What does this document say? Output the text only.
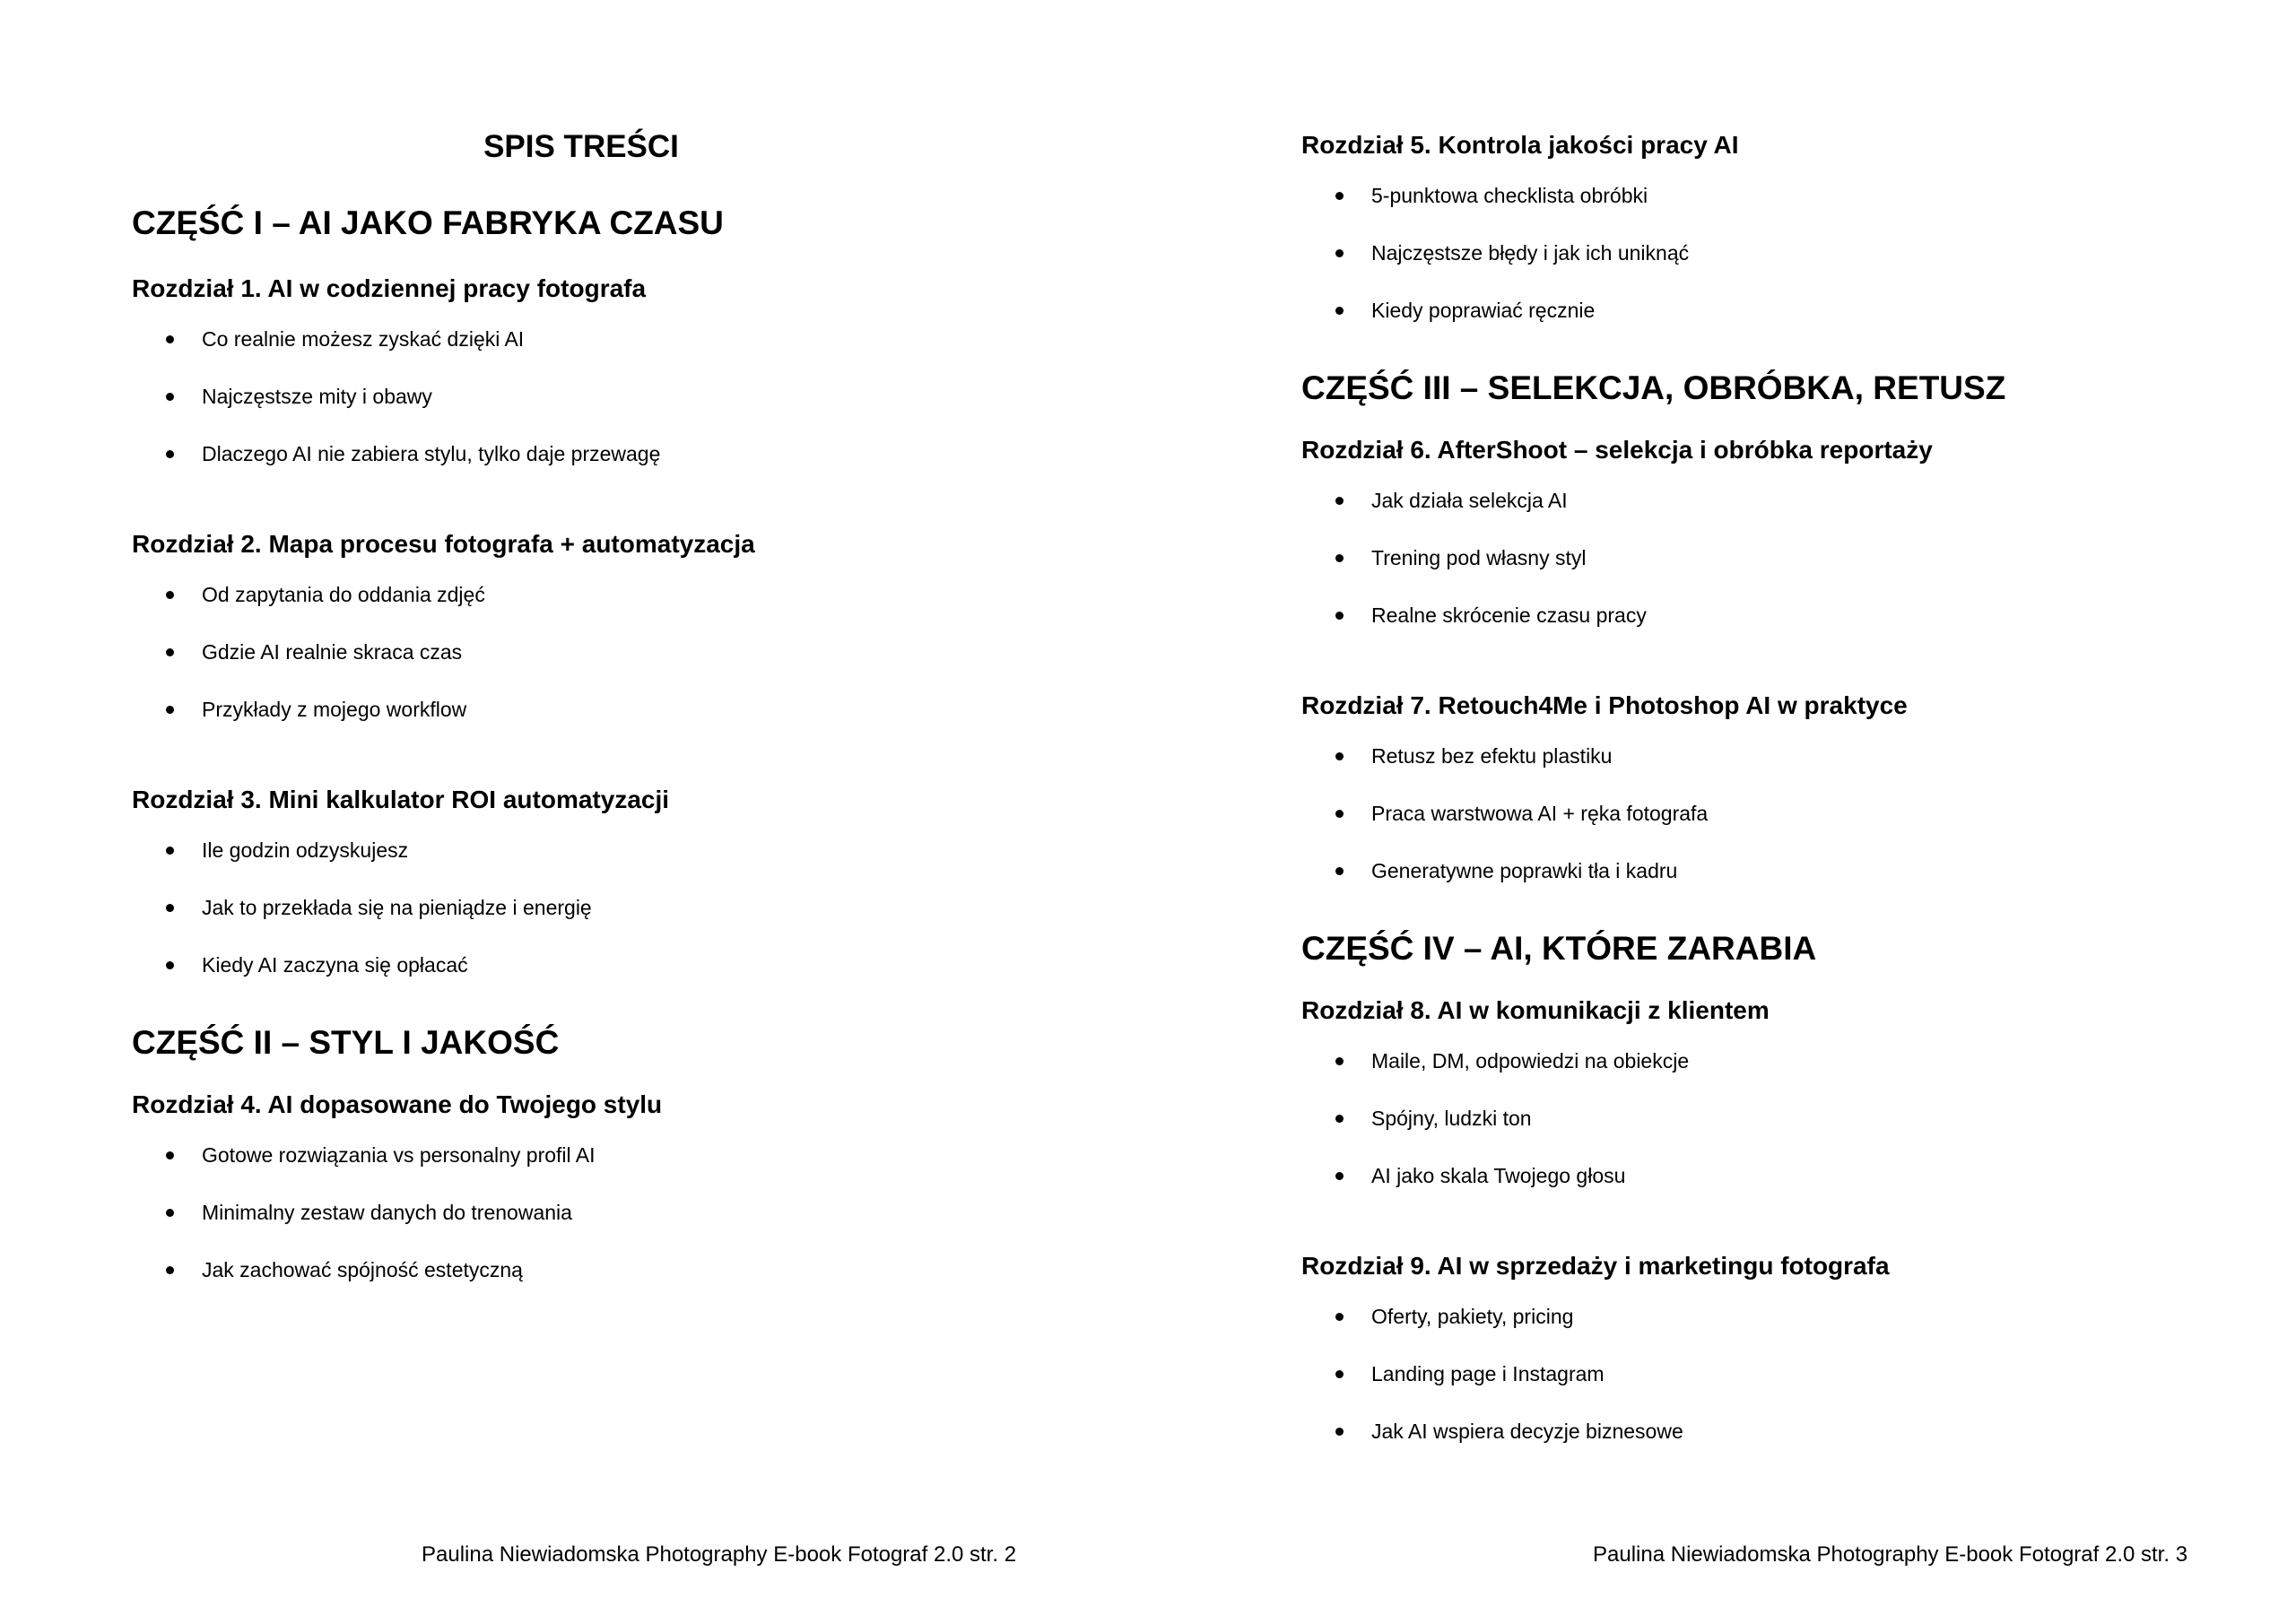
SPIS TREŚCI
CZĘŚĆ I – AI JAKO FABRYKA CZASU
Rozdział 1. AI w codziennej pracy fotografa
Co realnie możesz zyskać dzięki AI
Najczęstsze mity i obawy
Dlaczego AI nie zabiera stylu, tylko daje przewagę
Rozdział 2. Mapa procesu fotografa + automatyzacja
Od zapytania do oddania zdjęć
Gdzie AI realnie skraca czas
Przykłady z mojego workflow
Rozdział 3. Mini kalkulator ROI automatyzacji
Ile godzin odzyskujesz
Jak to przekłada się na pieniądze i energię
Kiedy AI zaczyna się opłacać
CZĘŚĆ II – STYL I JAKOŚĆ
Rozdział 4. AI dopasowane do Twojego stylu
Gotowe rozwiązania vs personalny profil AI
Minimalny zestaw danych do trenowania
Jak zachować spójność estetyczną
Paulina Niewiadomska Photography E-book Fotograf 2.0 str. 2
Rozdział 5. Kontrola jakości pracy AI
5-punktowa checklista obróbki
Najczęstsze błędy i jak ich uniknąć
Kiedy poprawiać ręcznie
CZĘŚĆ III – SELEKCJA, OBRÓBKA, RETUSZ
Rozdział 6. AfterShoot – selekcja i obróbka reportaży
Jak działa selekcja AI
Trening pod własny styl
Realne skrócenie czasu pracy
Rozdział 7. Retouch4Me i Photoshop AI w praktyce
Retusz bez efektu plastiku
Praca warstwowa AI + ręka fotografa
Generatywne poprawki tła i kadru
CZĘŚĆ IV – AI, KTÓRE ZARABIA
Rozdział 8. AI w komunikacji z klientem
Maile, DM, odpowiedzi na obiekcje
Spójny, ludzki ton
AI jako skala Twojego głosu
Rozdział 9. AI w sprzedaży i marketingu fotografa
Oferty, pakiety, pricing
Landing page i Instagram
Jak AI wspiera decyzje biznesowe
Paulina Niewiadomska Photography E-book Fotograf 2.0 str. 3
